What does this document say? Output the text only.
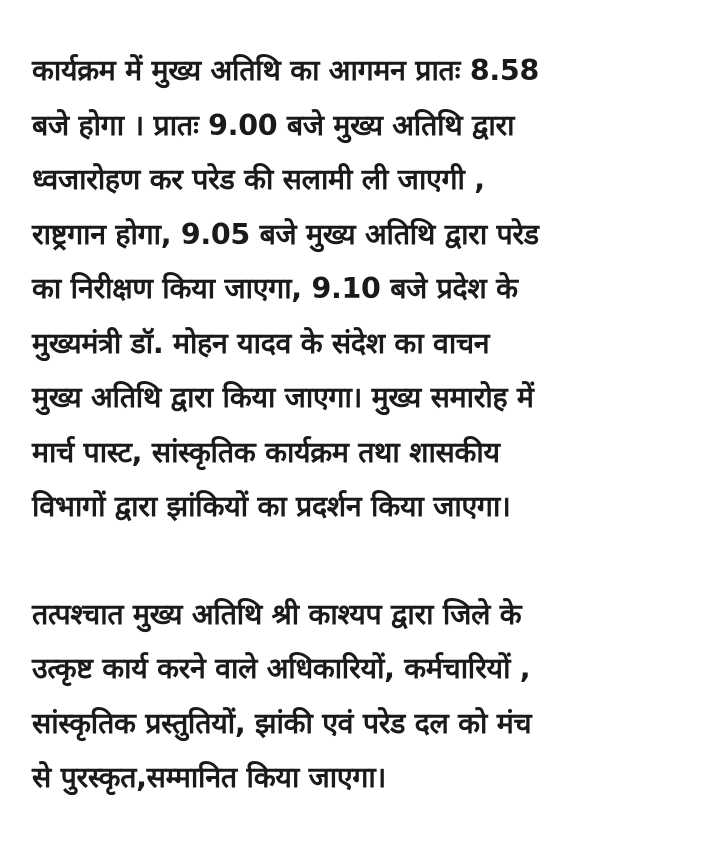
कार्यक्रम में मुख्य अतिथि का आगमन प्रातः 8.58
बजे होगा । प्रातः 9.00 बजे मुख्य अतिथि द्वारा
ध्वजारोहण कर परेड की सलामी ली जाएगी ,
राष्ट्रगान होगा, 9.05 बजे मुख्य अतिथि द्वारा परेड
का निरीक्षण किया जाएगा, 9.10 बजे प्रदेश के
मुख्यमंत्री डॉ. मोहन यादव के संदेश का वाचन
मुख्य अतिथि द्वारा किया जाएगा। मुख्य समारोह में
मार्च पास्ट, सांस्कृतिक कार्यक्रम तथा शासकीय
विभागों द्वारा झांकियों का प्रदर्शन किया जाएगा।
तत्पश्चात मुख्य अतिथि श्री काश्यप द्वारा जिले के
उत्कृष्ट कार्य करने वाले अधिकारियों, कर्मचारियों ,
सांस्कृतिक प्रस्तुतियों, झांकी एवं परेड दल को मंच
से पुरस्कृत,सम्मानित किया जाएगा।
